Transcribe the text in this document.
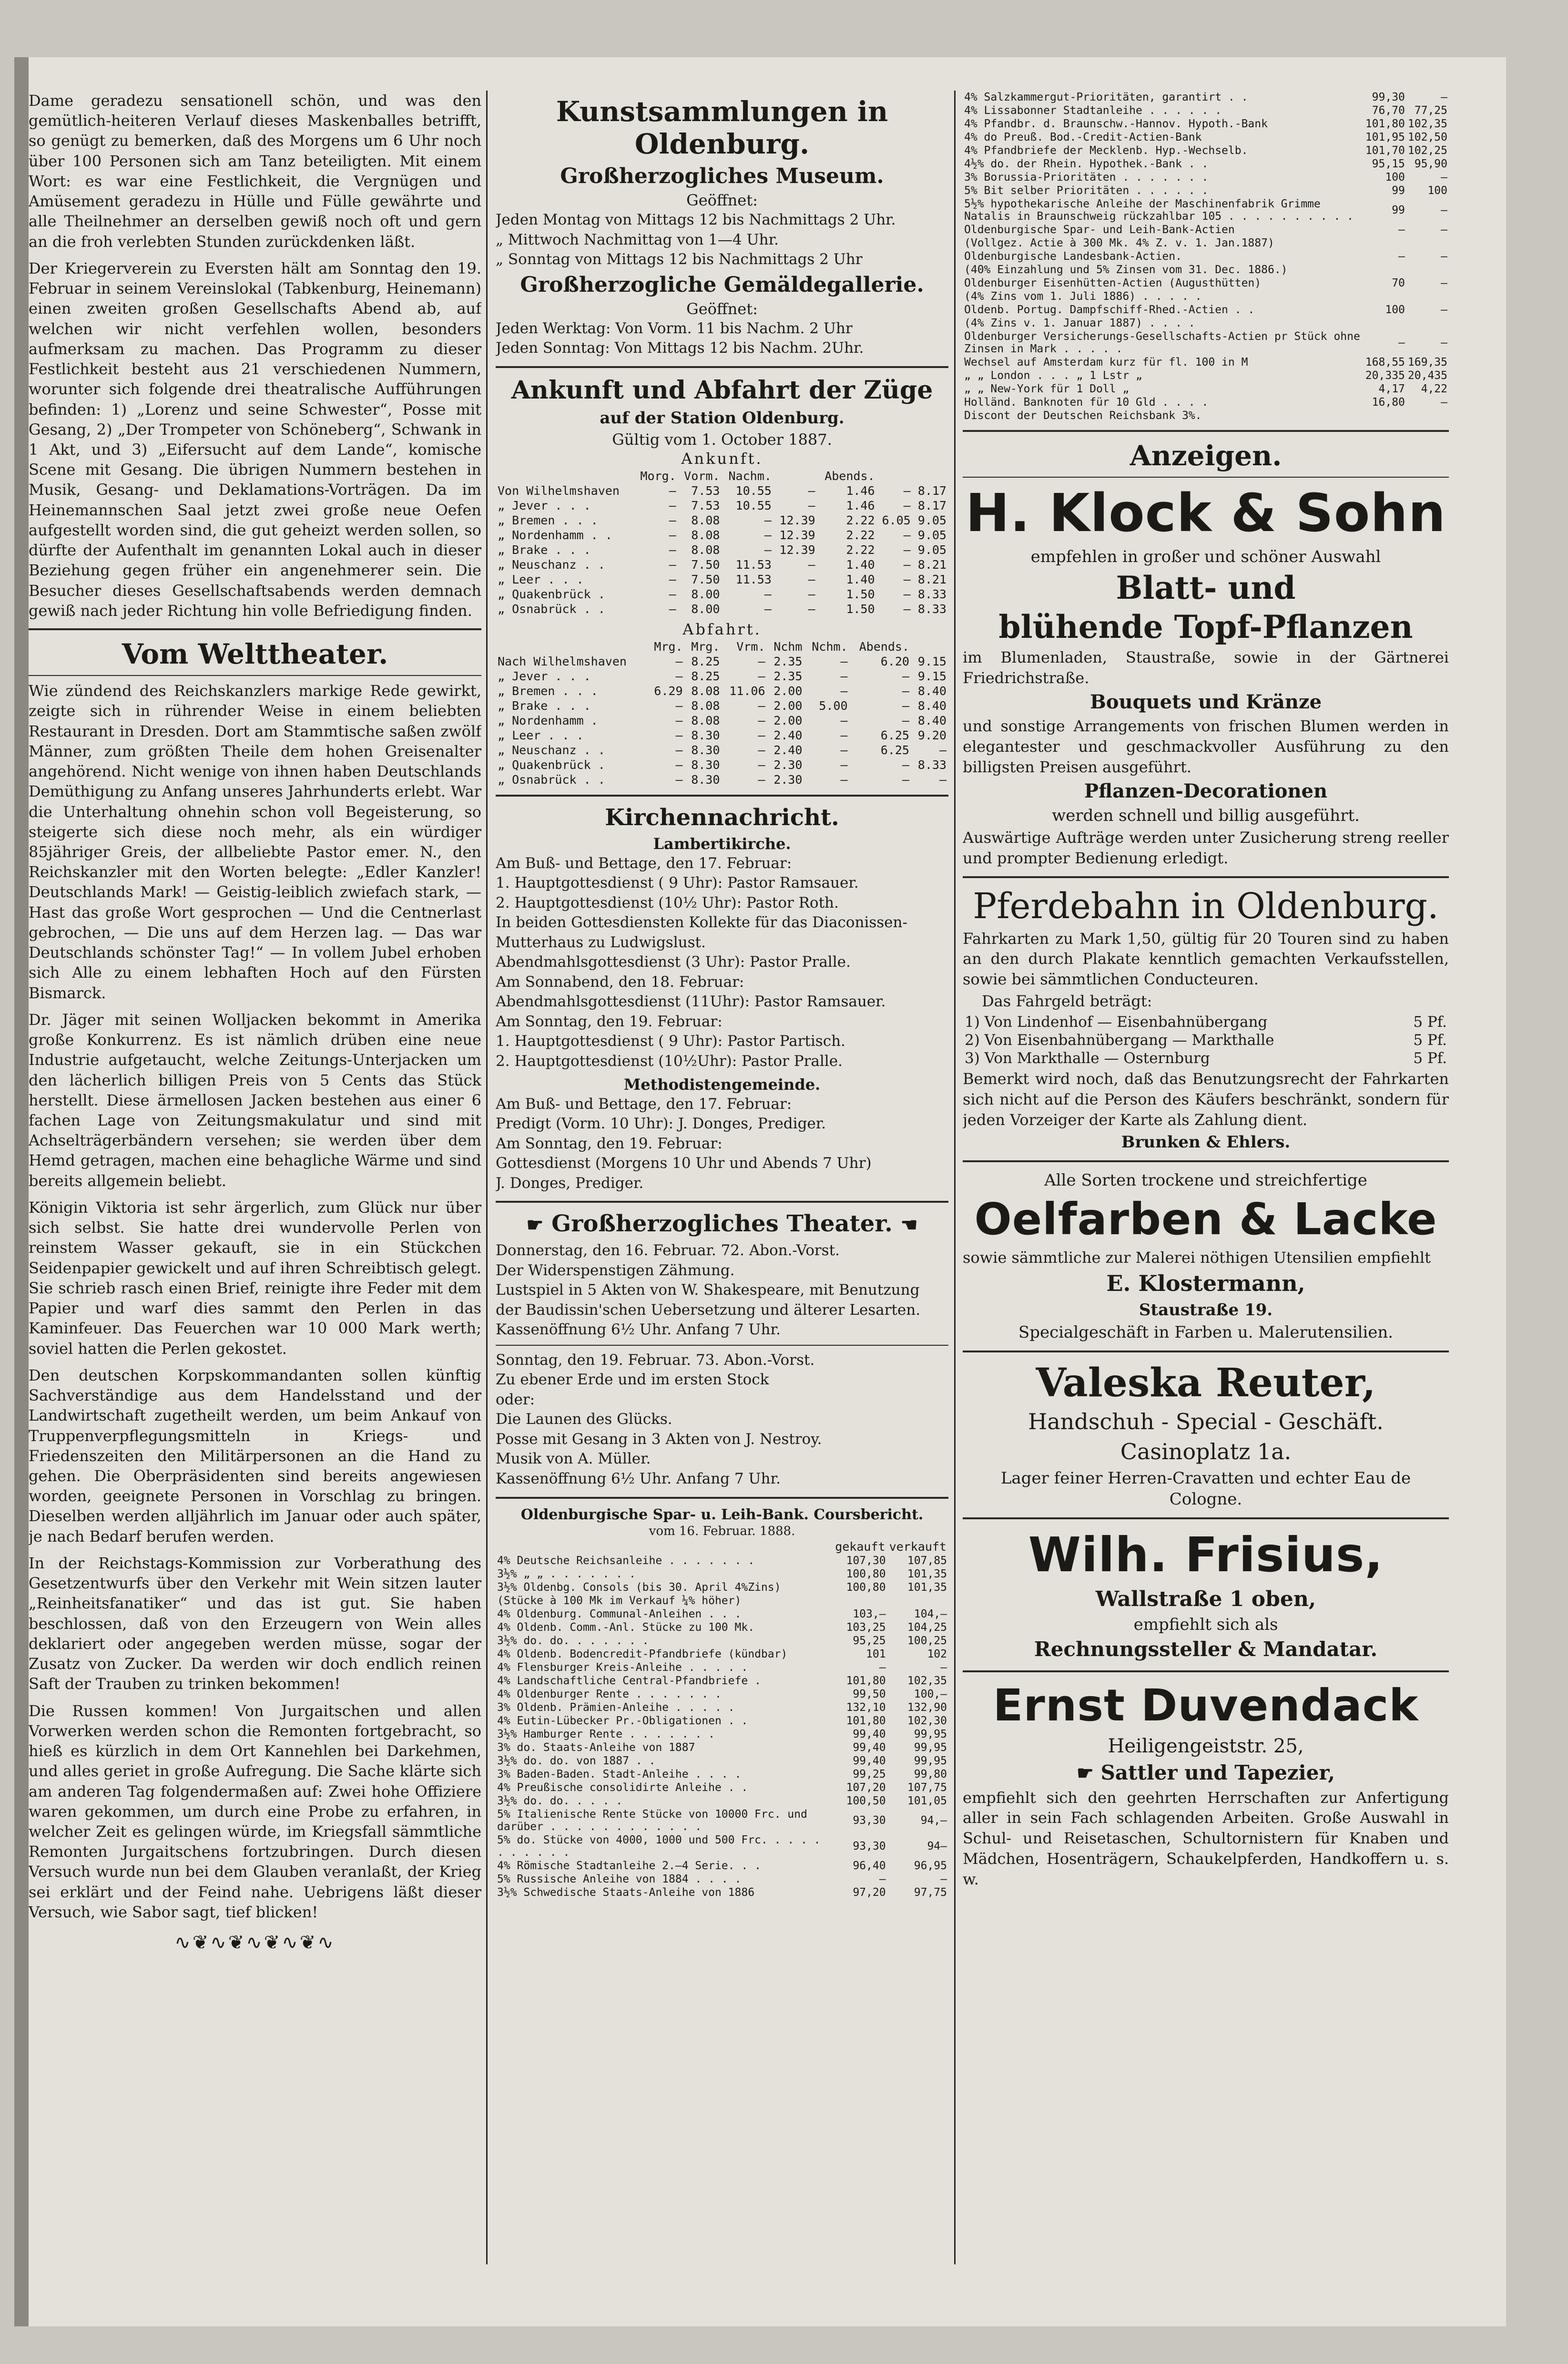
Dame geradezu sensationell schön, und was den gemütlich-heiteren Verlauf dieses Maskenballes betrifft, so genügt zu bemerken, daß des Morgens um 6 Uhr noch über 100 Personen sich am Tanz beteiligten. Mit einem Wort: es war eine Festlichkeit, die Vergnügen und Amüsement geradezu in Hülle und Fülle gewährte und alle Theilnehmer an derselben gewiß noch oft und gern an die froh verlebten Stunden zurückdenken läßt.

Der Kriegerverein zu Eversten hält am Sonntag den 19. Februar in seinem Vereinslokal (Tabkenburg, Heinemann) einen zweiten großen Gesellschafts Abend ab, auf welchen wir nicht verfehlen wollen, besonders aufmerksam zu machen. Das Programm zu dieser Festlichkeit besteht aus 21 verschiedenen Nummern, worunter sich folgende drei theatralische Aufführungen befinden: 1) „Lorenz und seine Schwester“, Posse mit Gesang, 2) „Der Trompeter von Schöneberg“, Schwank in 1 Akt, und 3) „Eifersucht auf dem Lande“, komische Scene mit Gesang. Die übrigen Nummern bestehen in Musik, Gesang- und Deklamations-Vorträgen. Da im Heinemannschen Saal jetzt zwei große neue Oefen aufgestellt worden sind, die gut geheizt werden sollen, so dürfte der Aufenthalt im genannten Lokal auch in dieser Beziehung gegen früher ein angenehmerer sein. Die Besucher dieses Gesellschaftsabends werden demnach gewiß nach jeder Richtung hin volle Befriedigung finden.

Vom Welttheater.

Wie zündend des Reichskanzlers markige Rede gewirkt, zeigte sich in rührender Weise in einem beliebten Restaurant in Dresden. Dort am Stammtische saßen zwölf Männer, zum größten Theile dem hohen Greisenalter angehörend. Nicht wenige von ihnen haben Deutschlands Demüthigung zu Anfang unseres Jahrhunderts erlebt. War die Unterhaltung ohnehin schon voll Begeisterung, so steigerte sich diese noch mehr, als ein würdiger 85jähriger Greis, der allbeliebte Pastor emer. N., den Reichskanzler mit den Worten belegte: „Edler Kanzler! Deutschlands Mark! — Geistig-leiblich zwiefach stark, — Hast das große Wort gesprochen — Und die Centnerlast gebrochen, — Die uns auf dem Herzen lag. — Das war Deutschlands schönster Tag!“ — In vollem Jubel erhoben sich Alle zu einem lebhaften Hoch auf den Fürsten Bismarck.

Dr. Jäger mit seinen Wolljacken bekommt in Amerika große Konkurrenz. Es ist nämlich drüben eine neue Industrie aufgetaucht, welche Zeitungs-Unterjacken um den lächerlich billigen Preis von 5 Cents das Stück herstellt. Diese ärmellosen Jacken bestehen aus einer 6 fachen Lage von Zeitungsmakulatur und sind mit Achselträgerbändern versehen; sie werden über dem Hemd getragen, machen eine behagliche Wärme und sind bereits allgemein beliebt.

Königin Viktoria ist sehr ärgerlich, zum Glück nur über sich selbst. Sie hatte drei wundervolle Perlen von reinstem Wasser gekauft, sie in ein Stückchen Seidenpapier gewickelt und auf ihren Schreibtisch gelegt. Sie schrieb rasch einen Brief, reinigte ihre Feder mit dem Papier und warf dies sammt den Perlen in das Kaminfeuer. Das Feuerchen war 10 000 Mark werth; soviel hatten die Perlen gekostet.

Den deutschen Korpskommandanten sollen künftig Sachverständige aus dem Handelsstand und der Landwirtschaft zugetheilt werden, um beim Ankauf von Truppenverpflegungsmitteln in Kriegs- und Friedenszeiten den Militärpersonen an die Hand zu gehen. Die Oberpräsidenten sind bereits angewiesen worden, geeignete Personen in Vorschlag zu bringen. Dieselben werden alljährlich im Januar oder auch später, je nach Bedarf berufen werden.

In der Reichstags-Kommission zur Vorberathung des Gesetzentwurfs über den Verkehr mit Wein sitzen lauter „Reinheitsfanatiker“ und das ist gut. Sie haben beschlossen, daß von den Erzeugern von Wein alles deklariert oder angegeben werden müsse, sogar der Zusatz von Zucker. Da werden wir doch endlich reinen Saft der Trauben zu trinken bekommen!

Die Russen kommen! Von Jurgaitschen und allen Vorwerken werden schon die Remonten fortgebracht, so hieß es kürzlich in dem Ort Kannehlen bei Darkehmen, und alles geriet in große Aufregung. Die Sache klärte sich am anderen Tag folgendermaßen auf: Zwei hohe Offiziere waren gekommen, um durch eine Probe zu erfahren, in welcher Zeit es gelingen würde, im Kriegsfall sämmtliche Remonten Jurgaitschens fortzubringen. Durch diesen Versuch wurde nun bei dem Glauben veranlaßt, der Krieg sei erklärt und der Feind nahe. Uebrigens läßt dieser Versuch, wie Sabor sagt, tief blicken!

∿❦∿❦∿❦∿❦∿
Kunstsammlungen in Oldenburg.
Großherzogliches Museum.
Geöffnet:
Jeden Montag von Mittags 12 bis Nachmittags 2 Uhr.
„ Mittwoch Nachmittag von 1—4 Uhr.
„ Sonntag von Mittags 12 bis Nachmittags 2 Uhr
Großherzogliche Gemäldegallerie.
Geöffnet:
Jeden Werktag: Von Vorm. 11 bis Nachm. 2 Uhr
Jeden Sonntag: Von Mittags 12 bis Nachm. 2Uhr.
Ankunft und Abfahrt der Züge
auf der Station Oldenburg.
Gültig vom 1. October 1887.
Ankunft.
	Morg.	Vorm.	Nachm.		Abends.		
Von Wilhelmshaven	—	7.53	10.55	—	1.46	—	8.17
„ Jever . . .	—	7.53	10.55	—	1.46	—	8.17
„ Bremen . . .	—	8.08	—	12.39	2.22	6.05	9.05
„ Nordenhamm . .	—	8.08	—	12.39	2.22	—	9.05
„ Brake . . .	—	8.08	—	12.39	2.22	—	9.05
„ Neuschanz . .	—	7.50	11.53	—	1.40	—	8.21
„ Leer . . .	—	7.50	11.53	—	1.40	—	8.21
„ Quakenbrück .	—	8.00	—	—	1.50	—	8.33
„ Osnabrück . .	—	8.00	—	—	1.50	—	8.33
Abfahrt.
	Mrg.	Mrg.	Vrm.	Nchm	Nchm.	Abends.	
Nach Wilhelmshaven	—	8.25	—	2.35	—	6.20	9.15
„ Jever . . .	—	8.25	—	2.35	—	—	9.15
„ Bremen . . .	6.29	8.08	11.06	2.00	—	—	8.40
„ Brake . . .	—	8.08	—	2.00	5.00	—	8.40
„ Nordenhamm .	—	8.08	—	2.00	—	—	8.40
„ Leer . . .	—	8.30	—	2.40	—	6.25	9.20
„ Neuschanz . .	—	8.30	—	2.40	—	6.25	—
„ Quakenbrück .	—	8.30	—	2.30	—	—	8.33
„ Osnabrück . .	—	8.30	—	2.30	—	—	—
Kirchennachricht.
Lambertikirche.
Am Buß- und Bettage, den 17. Februar:
1. Hauptgottesdienst ( 9 Uhr): Pastor Ramsauer.
2. Hauptgottesdienst (10½ Uhr): Pastor Roth.
In beiden Gottesdiensten Kollekte für das Diaconissen-Mutterhaus zu Ludwigslust.
Abendmahlsgottesdienst (3 Uhr): Pastor Pralle.
Am Sonnabend, den 18. Februar:
Abendmahlsgottesdienst (11Uhr): Pastor Ramsauer.
Am Sonntag, den 19. Februar:
1. Hauptgottesdienst ( 9 Uhr): Pastor Partisch.
2. Hauptgottesdienst (10½Uhr): Pastor Pralle.
Methodistengemeinde.
Am Buß- und Bettage, den 17. Februar:
Predigt (Vorm. 10 Uhr): J. Donges, Prediger.
Am Sonntag, den 19. Februar:
Gottesdienst (Morgens 10 Uhr und Abends 7 Uhr)
J. Donges, Prediger.
☛ Großherzogliches Theater. ☚
Donnerstag, den 16. Februar. 72. Abon.-Vorst.
Der Widerspenstigen Zähmung.
Lustspiel in 5 Akten von W. Shakespeare, mit Benutzung der Baudissin'schen Uebersetzung und älterer Lesarten.
Kassenöffnung 6½ Uhr. Anfang 7 Uhr.
Sonntag, den 19. Februar. 73. Abon.-Vorst.
Zu ebener Erde und im ersten Stock
oder:
Die Launen des Glücks.
Posse mit Gesang in 3 Akten von J. Nestroy.
Musik von A. Müller.
Kassenöffnung 6½ Uhr. Anfang 7 Uhr.
Oldenburgische Spar- u. Leih-Bank. Coursbericht.
vom 16. Februar. 1888.
	gekauft	verkauft
4% Deutsche Reichsanleihe . . . . . . .	107,30	107,85
3½% „ „ . . . . . . .	100,80	101,35
3½% Oldenbg. Consols (bis 30. April 4%Zins)	100,80	101,35
(Stücke à 100 Mk im Verkauf ¼% höher)		
4% Oldenburg. Communal-Anleihen . . .	103,—	104,—
4% Oldenb. Comm.-Anl. Stücke zu 100 Mk.	103,25	104,25
3½% do. do. . . . . . .	95,25	100,25
4% Oldenb. Bodencredit-Pfandbriefe (kündbar)	101	102
4% Flensburger Kreis-Anleihe . . . . .	—	—
4% Landschaftliche Central-Pfandbriefe .	101,80	102,35
4% Oldenburger Rente . . . . . . .	99,50	100,—
3% Oldenb. Prämien-Anleihe . . . . .	132,10	132,90
4% Eutin-Lübecker Pr.-Obligationen . .	101,80	102,30
3½% Hamburger Rente . . . . . . .	99,40	99,95
3% do. Staats-Anleihe von 1887	99,40	99,95
3½% do. do. von 1887 . .	99,40	99,95
3% Baden-Baden. Stadt-Anleihe . . . .	99,25	99,80
4% Preußische consolidirte Anleihe . .	107,20	107,75
3½% do. do. . . . .	100,50	101,05
5% Italienische Rente Stücke von 10000 Frc. und darüber . . . . . . . . . . . .	93,30	94,—
5% do. Stücke von 4000, 1000 und 500 Frc. . . . . . . . . . .	93,30	94—
4% Römische Stadtanleihe 2.—4 Serie. . .	96,40	96,95
5% Russische Anleihe von 1884 . . . .	—	—
3½% Schwedische Staats-Anleihe von 1886	97,20	97,75
4% Salzkammergut-Prioritäten, garantirt . .	99,30	—
4% Lissabonner Stadtanleihe . . . . . .	76,70	77,25
4% Pfandbr. d. Braunschw.-Hannov. Hypoth.-Bank	101,80	102,35
4% do Preuß. Bod.-Credit-Actien-Bank	101,95	102,50
4% Pfandbriefe der Mecklenb. Hyp.-Wechselb.	101,70	102,25
4½% do. der Rhein. Hypothek.-Bank . .	95,15	95,90
3% Borussia-Prioritäten . . . . . . .	100	—
5% Bit selber Prioritäten . . . . . .	99	100
5½% hypothekarische Anleihe der Maschinenfabrik Grimme Natalis in Braunschweig rückzahlbar 105 . . . . . . . . . .	99	—
Oldenburgische Spar- und Leih-Bank-Actien	—	—
(Vollgez. Actie à 300 Mk. 4% Z. v. 1. Jan.1887)		
Oldenburgische Landesbank-Actien.	—	—
(40% Einzahlung und 5% Zinsen vom 31. Dec. 1886.)		
Oldenburger Eisenhütten-Actien (Augusthütten)	70	—
(4% Zins vom 1. Juli 1886) . . . . .		
Oldenb. Portug. Dampfschiff-Rhed.-Actien . .	100	—
(4% Zins v. 1. Januar 1887) . . . .		
Oldenburger Versicherungs-Gesellschafts-Actien pr Stück ohne Zinsen in Mark . . . . .	—	—
Wechsel auf Amsterdam kurz für fl. 100 in M	168,55	169,35
„ „ London . . . „ 1 Lstr „	20,335	20,435
„ „ New-York für 1 Doll „	4,17	4,22
Holländ. Banknoten für 10 Gld . . . .	16,80	—
Discont der Deutschen Reichsbank 3%.		
Anzeigen.
H. Klock & Sohn
empfehlen in großer und schöner Auswahl
Blatt- und
blühende Topf-Pflanzen
im Blumenladen, Staustraße, sowie in der Gärtnerei Friedrichstraße.
Bouquets und Kränze
und sonstige Arrangements von frischen Blumen werden in elegantester und geschmackvoller Ausführung zu den billigsten Preisen ausgeführt.
Pflanzen-Decorationen
werden schnell und billig ausgeführt.
Auswärtige Aufträge werden unter Zusicherung streng reeller und prompter Bedienung erledigt.
Pferdebahn in Oldenburg.
Fahrkarten zu Mark 1,50, gültig für 20 Touren sind zu haben an den durch Plakate kenntlich gemachten Verkaufsstellen, sowie bei sämmtlichen Conducteuren.
Das Fahrgeld beträgt:
1) Von Lindenhof — Eisenbahnübergang	5 Pf.
2) Von Eisenbahnübergang — Markthalle	5 Pf.
3) Von Markthalle — Osternburg	5 Pf.
Bemerkt wird noch, daß das Benutzungsrecht der Fahrkarten sich nicht auf die Person des Käufers beschränkt, sondern für jeden Vorzeiger der Karte als Zahlung dient.
Brunken & Ehlers.
Alle Sorten trockene und streichfertige
Oelfarben & Lacke
sowie sämmtliche zur Malerei nöthigen Utensilien empfiehlt
E. Klostermann,
Staustraße 19.
Specialgeschäft in Farben u. Malerutensilien.
Valeska Reuter,
Handschuh - Special - Geschäft.
Casinoplatz 1a.
Lager feiner Herren-Cravatten und echter Eau de Cologne.
Wilh. Frisius,
Wallstraße 1 oben,
empfiehlt sich als
Rechnungssteller & Mandatar.
Ernst Duvendack
Heiligengeiststr. 25,
☛ Sattler und Tapezier,
empfiehlt sich den geehrten Herrschaften zur Anfertigung aller in sein Fach schlagenden Arbeiten. Große Auswahl in Schul- und Reisetaschen, Schultornistern für Knaben und Mädchen, Hosenträgern, Schaukelpferden, Handkoffern u. s. w.
